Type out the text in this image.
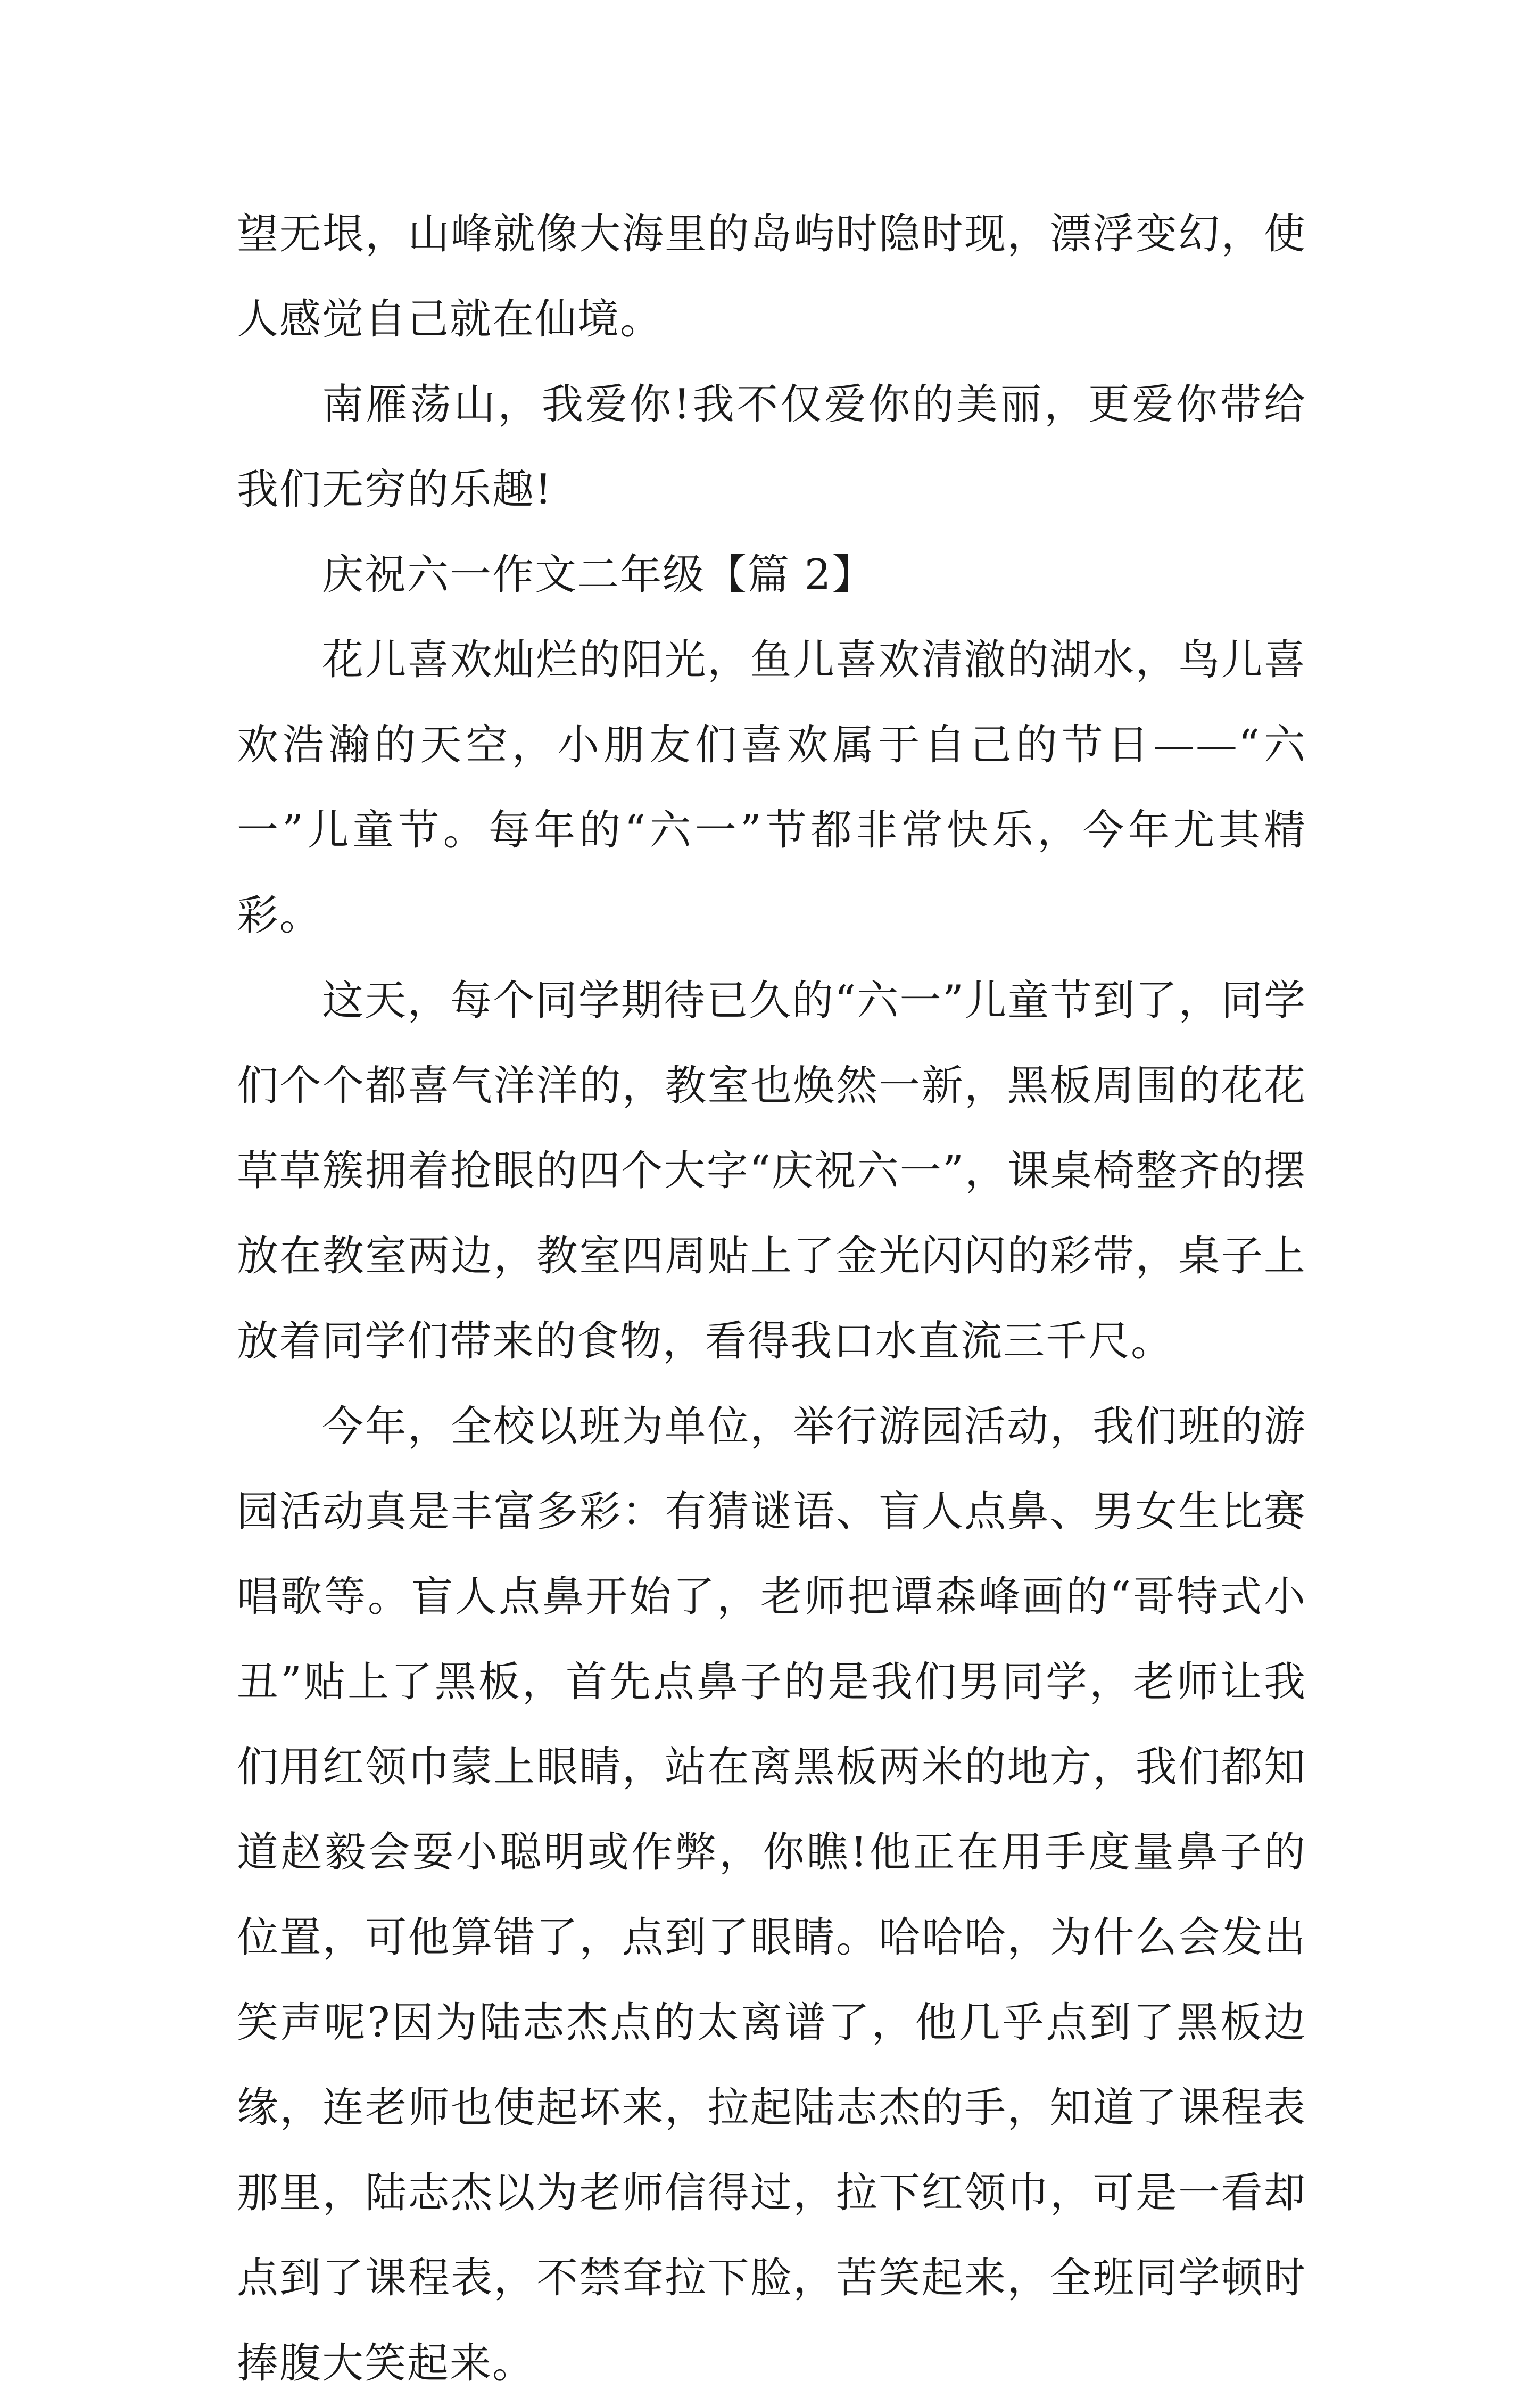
望无垠，山峰就像大海里的岛屿时隐时现，漂浮变幻，使人感觉自己就在仙境。

南雁荡山，我爱你!我不仅爱你的美丽，更爱你带给我们无穷的乐趣!

庆祝六一作文二年级【篇 2】

花儿喜欢灿烂的阳光，鱼儿喜欢清澈的湖水，鸟儿喜欢浩瀚的天空，小朋友们喜欢属于自己的节日——“六一”儿童节。每年的“六一”节都非常快乐，今年尤其精彩。

这天，每个同学期待已久的“六一”儿童节到了，同学们个个都喜气洋洋的，教室也焕然一新，黑板周围的花花草草簇拥着抢眼的四个大字“庆祝六一”，课桌椅整齐的摆放在教室两边，教室四周贴上了金光闪闪的彩带，桌子上放着同学们带来的食物，看得我口水直流三千尺。

今年，全校以班为单位，举行游园活动，我们班的游园活动真是丰富多彩：有猜谜语、盲人点鼻、男女生比赛唱歌等。盲人点鼻开始了，老师把谭森峰画的“哥特式小丑”贴上了黑板，首先点鼻子的是我们男同学，老师让我们用红领巾蒙上眼睛，站在离黑板两米的地方，我们都知道赵毅会耍小聪明或作弊，你瞧!他正在用手度量鼻子的位置，可他算错了，点到了眼睛。哈哈哈，为什么会发出笑声呢?因为陆志杰点的太离谱了，他几乎点到了黑板边缘，连老师也使起坏来，拉起陆志杰的手，知道了课程表那里，陆志杰以为老师信得过，拉下红领巾，可是一看却点到了课程表，不禁耷拉下脸，苦笑起来，全班同学顿时捧腹大笑起来。
